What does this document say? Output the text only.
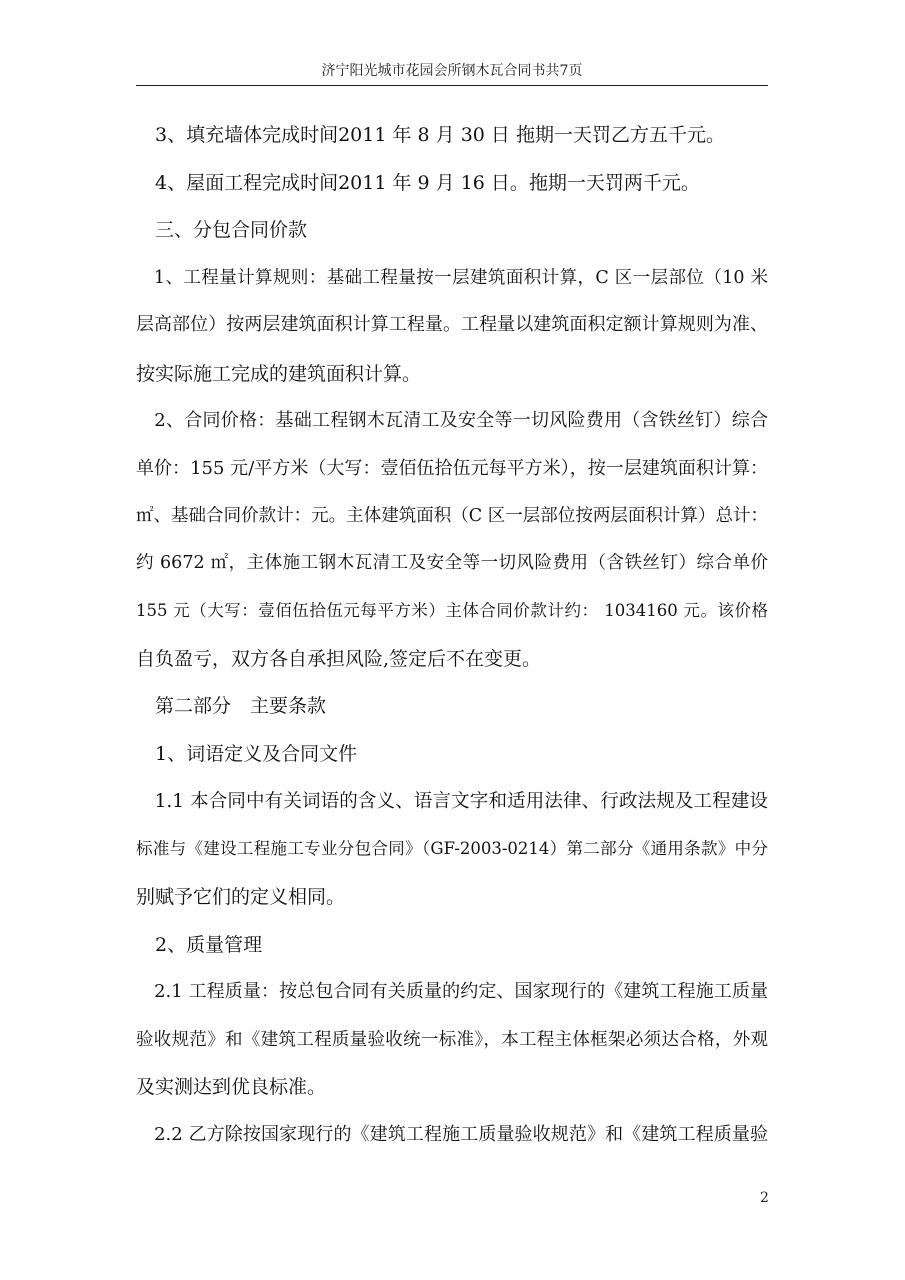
济宁阳光城市花园会所钢木瓦合同书共7页
　3、填充墙体完成时间2011 年 8 月 30 日 拖期一天罚乙方五千元。
　4、屋面工程完成时间2011 年 9 月 16 日。拖期一天罚两千元。
　三、分包合同价款
　1、工程量计算规则：基础工程量按一层建筑面积计算，C 区一层部位（10 米
层高部位）按两层建筑面积计算工程量。工程量以建筑面积定额计算规则为准、
按实际施工完成的建筑面积计算。
　2、合同价格：基础工程钢木瓦清工及安全等一切风险费用（含铁丝钉）综合
单价：155 元/平方米（大写：壹佰伍拾伍元每平方米），按一层建筑面积计算：
㎡、基础合同价款计：元。主体建筑面积（C 区一层部位按两层面积计算）总计：
约 6672 ㎡，主体施工钢木瓦清工及安全等一切风险费用（含铁丝钉）综合单价
155 元（大写：壹佰伍拾伍元每平方米）主体合同价款计约： 1034160 元。该价格
自负盈亏，双方各自承担风险,签定后不在变更。
　第二部分　主要条款
　1、词语定义及合同文件
　1.1 本合同中有关词语的含义、语言文字和适用法律、行政法规及工程建设
标准与《建设工程施工专业分包合同》（GF-2003-0214）第二部分《通用条款》中分
别赋予它们的定义相同。
　2、质量管理
　2.1 工程质量：按总包合同有关质量的约定、国家现行的《建筑工程施工质量
验收规范》和《建筑工程质量验收统一标准》，本工程主体框架必须达合格，外观
及实测达到优良标准。
　2.2 乙方除按国家现行的《建筑工程施工质量验收规范》和《建筑工程质量验
2
